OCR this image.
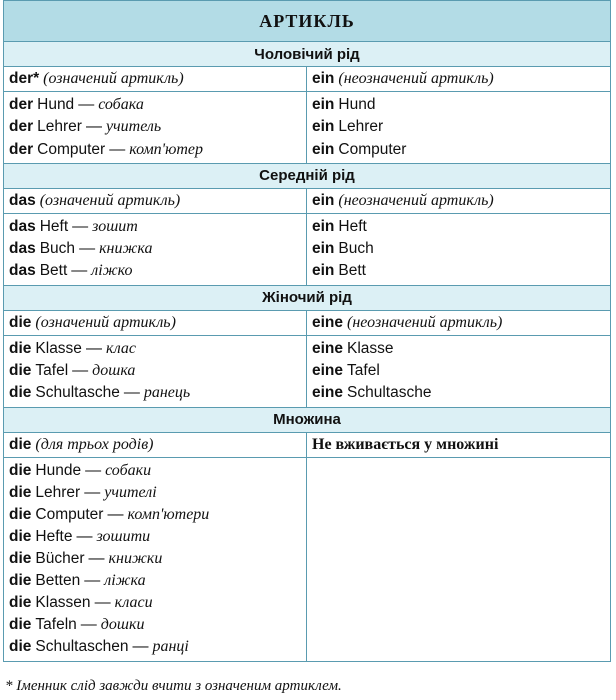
АРТИКЛЬ
Чоловічий рід
der* (означений артикль)	ein (неозначений артикль)
der Hund — собака
der Lehrer — учитель
der Computer — комп'ютер
ein Hund
ein Lehrer
ein Computer
Середній рід
das (означений артикль)	ein (неозначений артикль)
das Heft — зошит
das Buch — книжка
das Bett — ліжко
ein Heft
ein Buch
ein Bett
Жіночий рід
die (означений артикль)	eine (неозначений артикль)
die Klasse — клас
die Tafel — дошка
die Schultasche — ранець
eine Klasse
eine Tafel
eine Schultasche
Множина
die (для трьох родів)	Не вживається у множині
die Hunde — собаки
die Lehrer — учителі
die Computer — комп'ютери
die Hefte — зошити
die Bücher — книжки
die Betten — ліжка
die Klassen — класи
die Tafeln — дошки
die Schultaschen — ранці
* Іменник слід завжди вчити з означеним артиклем.
